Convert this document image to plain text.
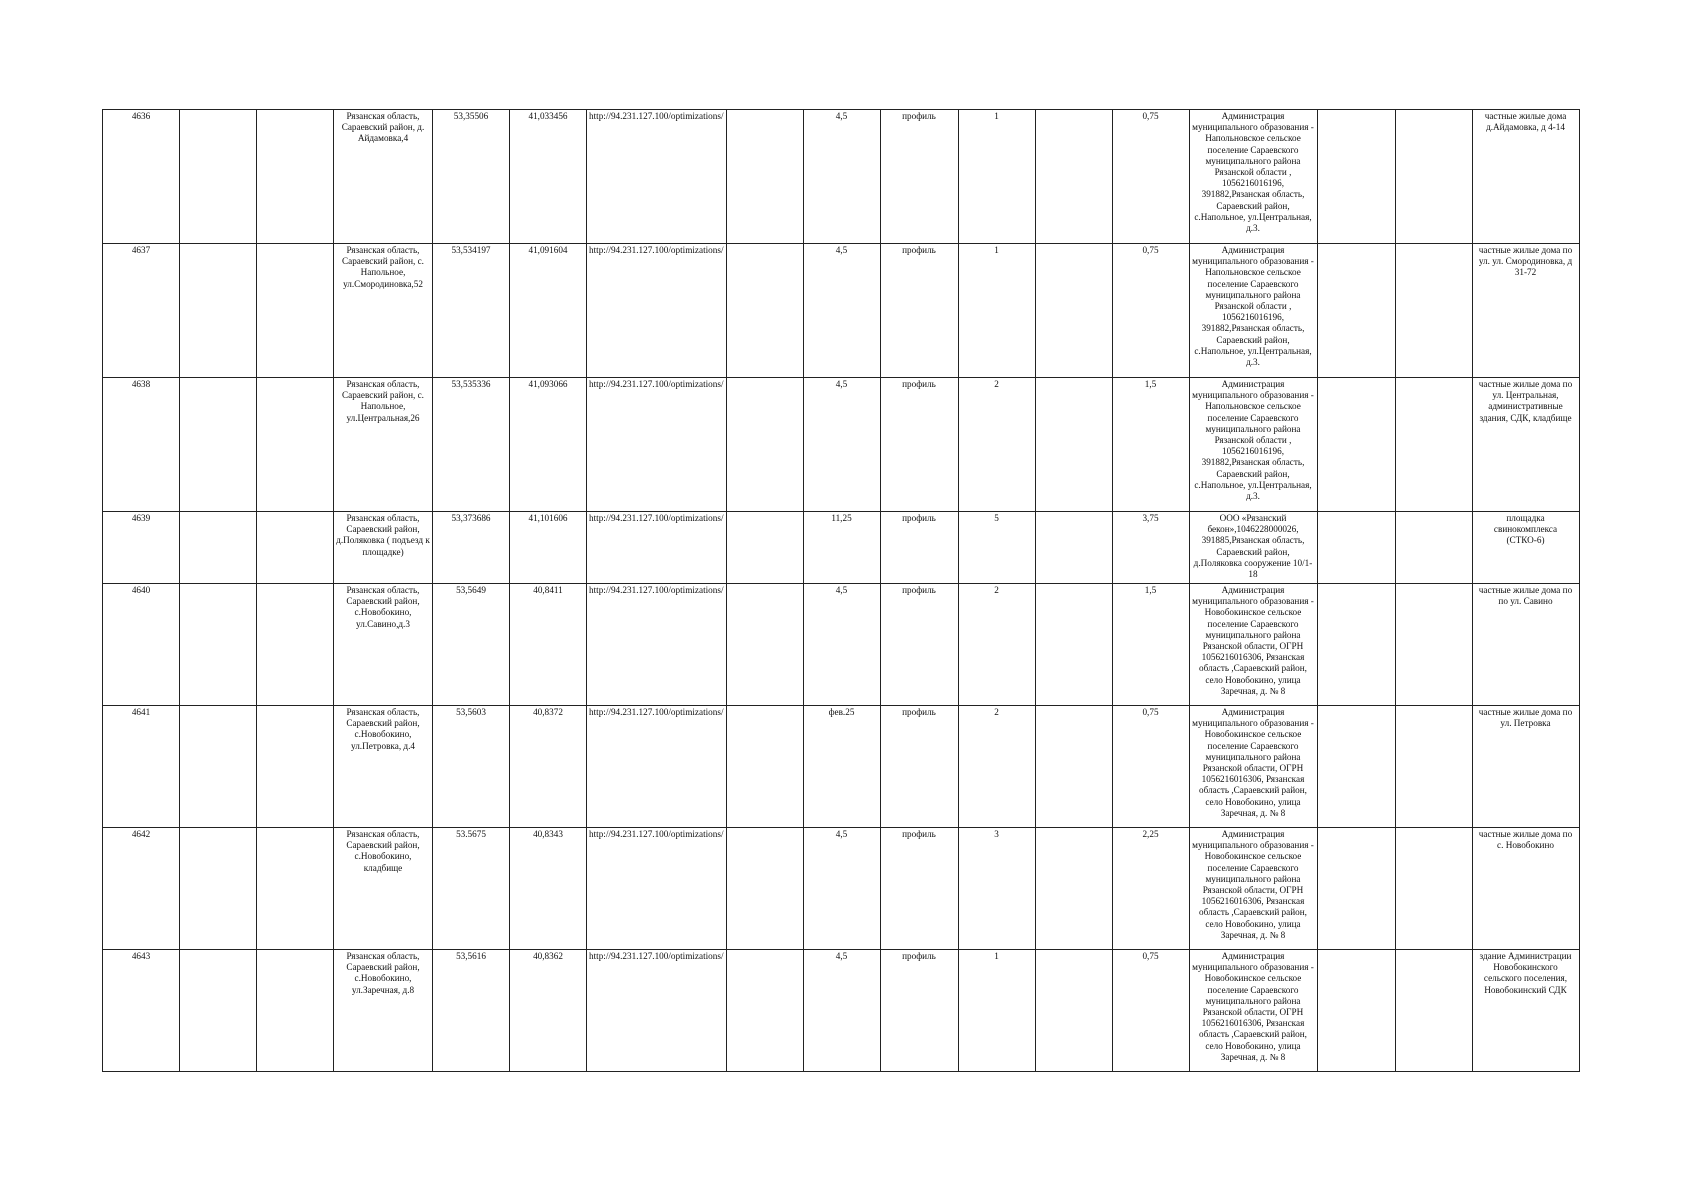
4636			Рязанская область, Сараевский район, д. Айдамовка,4	53,35506	41,033456	http://94.231.127.100/optimizations/		4,5	профиль	1		0,75	Администрация муниципального образования - Напольновское сельское поселение Сараевского муниципального района Рязанской области , 1056216016196, 391882,Рязанская область, Сараевский район, с.Напольное, ул.Центральная, д.3.			частные жилые дома д.Айдамовка, д 4-14
4637			Рязанская область, Сараевский район, с. Напольное, ул.Смородиновка,52	53,534197	41,091604	http://94.231.127.100/optimizations/		4,5	профиль	1		0,75	Администрация муниципального образования - Напольновское сельское поселение Сараевского муниципального района Рязанской области , 1056216016196, 391882,Рязанская область, Сараевский район, с.Напольное, ул.Центральная, д.3.			частные жилые дома по ул. ул. Смородиновка, д 31-72
4638			Рязанская область, Сараевский район, с. Напольное, ул.Центральная,26	53,535336	41,093066	http://94.231.127.100/optimizations/		4,5	профиль	2		1,5	Администрация муниципального образования - Напольновское сельское поселение Сараевского муниципального района Рязанской области , 1056216016196, 391882,Рязанская область, Сараевский район, с.Напольное, ул.Центральная, д.3.			частные жилые дома по ул. Центральная, административные здания, СДК, кладбище
4639			Рязанская область, Сараевский район, д.Поляковка ( подъезд к площадке)	53,373686	41,101606	http://94.231.127.100/optimizations/		11,25	профиль	5		3,75	ООО «Рязанский бекон»,1046228000026, 391885,Рязанская область, Сараевский район, д.Поляковка сооружение 10/1-18			площадка свинокомплекса (СТКО-6)
4640			Рязанская область, Сараевский район, с.Новобокино, ул.Савино,д.3	53,5649	40,8411	http://94.231.127.100/optimizations/		4,5	профиль	2		1,5	Администрация муниципального образования - Новобокинское сельское поселение Сараевского муниципального района Рязанской области, ОГРН 1056216016306, Рязанская область ,Сараевский район, село Новобокино, улица Заречная, д. № 8			частные жилые дома по по ул. Савино
4641			Рязанская область, Сараевский район, с.Новобокино, ул.Петровка, д.4	53,5603	40,8372	http://94.231.127.100/optimizations/		фев.25	профиль	2		0,75	Администрация муниципального образования - Новобокинское сельское поселение Сараевского муниципального района Рязанской области, ОГРН 1056216016306, Рязанская область ,Сараевский район, село Новобокино, улица Заречная, д. № 8			частные жилые дома по ул. Петровка
4642			Рязанская область, Сараевский район, с.Новобокино, кладбище	53.5675	40,8343	http://94.231.127.100/optimizations/		4,5	профиль	3		2,25	Администрация муниципального образования - Новобокинское сельское поселение Сараевского муниципального района Рязанской области, ОГРН 1056216016306, Рязанская область ,Сараевский район, село Новобокино, улица Заречная, д. № 8			частные жилые дома по с. Новобокино
4643			Рязанская область, Сараевский район, с.Новобокино, ул.Заречная, д.8	53,5616	40,8362	http://94.231.127.100/optimizations/		4,5	профиль	1		0,75	Администрация муниципального образования - Новобокинское сельское поселение Сараевского муниципального района Рязанской области, ОГРН 1056216016306, Рязанская область ,Сараевский район, село Новобокино, улица Заречная, д. № 8			здание Администрации Новобокинского сельского поселения, Новобокинский СДК
